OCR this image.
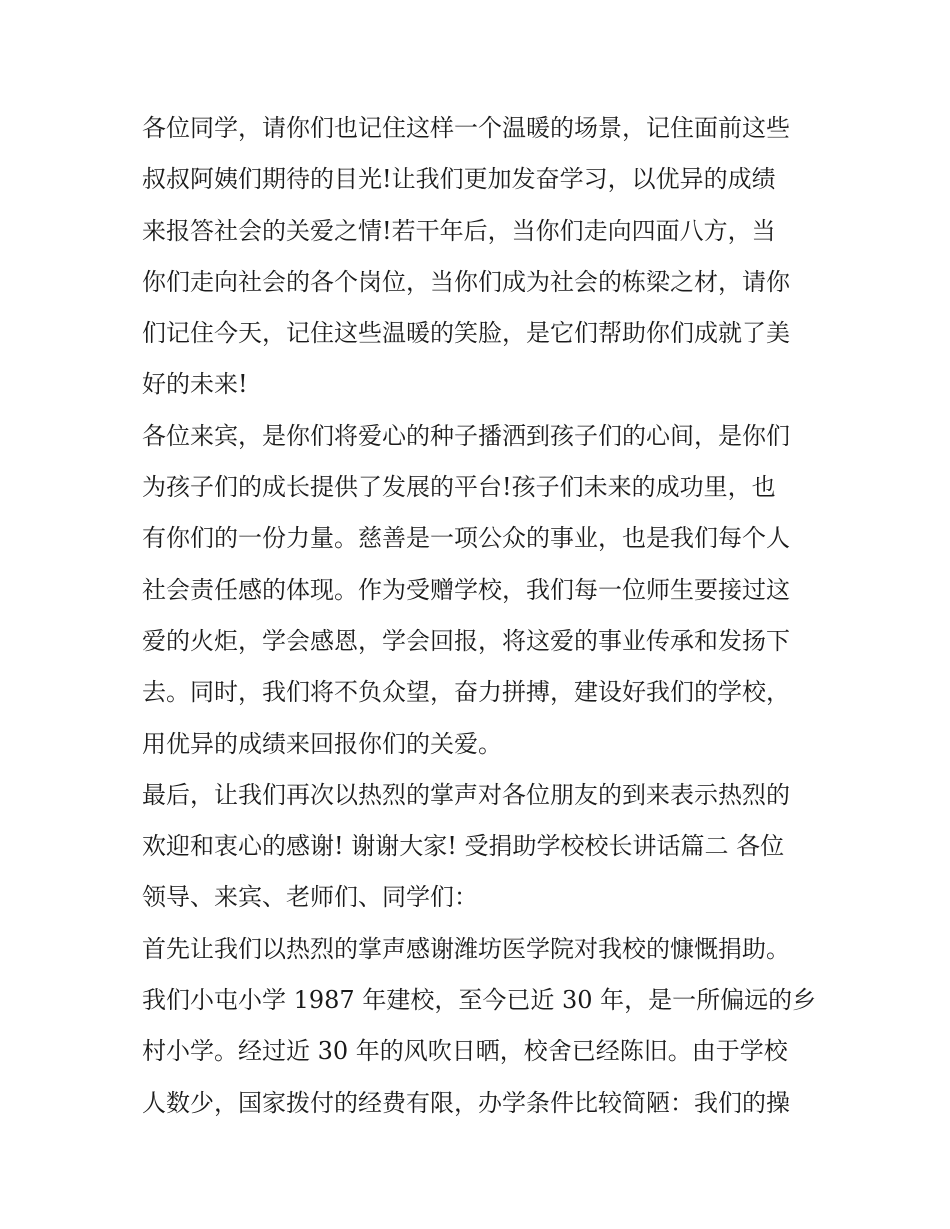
各位同学，请你们也记住这样一个温暖的场景，记住面前这些
叔叔阿姨们期待的目光!让我们更加发奋学习，以优异的成绩
来报答社会的关爱之情!若干年后，当你们走向四面八方，当
你们走向社会的各个岗位，当你们成为社会的栋梁之材，请你
们记住今天，记住这些温暖的笑脸，是它们帮助你们成就了美
好的未来!
各位来宾，是你们将爱心的种子播洒到孩子们的心间，是你们
为孩子们的成长提供了发展的平台!孩子们未来的成功里，也
有你们的一份力量。慈善是一项公众的事业，也是我们每个人
社会责任感的体现。作为受赠学校，我们每一位师生要接过这
爱的火炬，学会感恩，学会回报，将这爱的事业传承和发扬下
去。同时，我们将不负众望，奋力拼搏，建设好我们的学校，
用优异的成绩来回报你们的关爱。
最后，让我们再次以热烈的掌声对各位朋友的到来表示热烈的
欢迎和衷心的感谢! 谢谢大家! 受捐助学校校长讲话篇二 各位
领导、来宾、老师们、同学们：
首先让我们以热烈的掌声感谢潍坊医学院对我校的慷慨捐助。
我们小屯小学 1987 年建校，至今已近 30 年，是一所偏远的乡
村小学。经过近 30 年的风吹日晒，校舍已经陈旧。由于学校
人数少，国家拨付的经费有限，办学条件比较简陋：我们的操
